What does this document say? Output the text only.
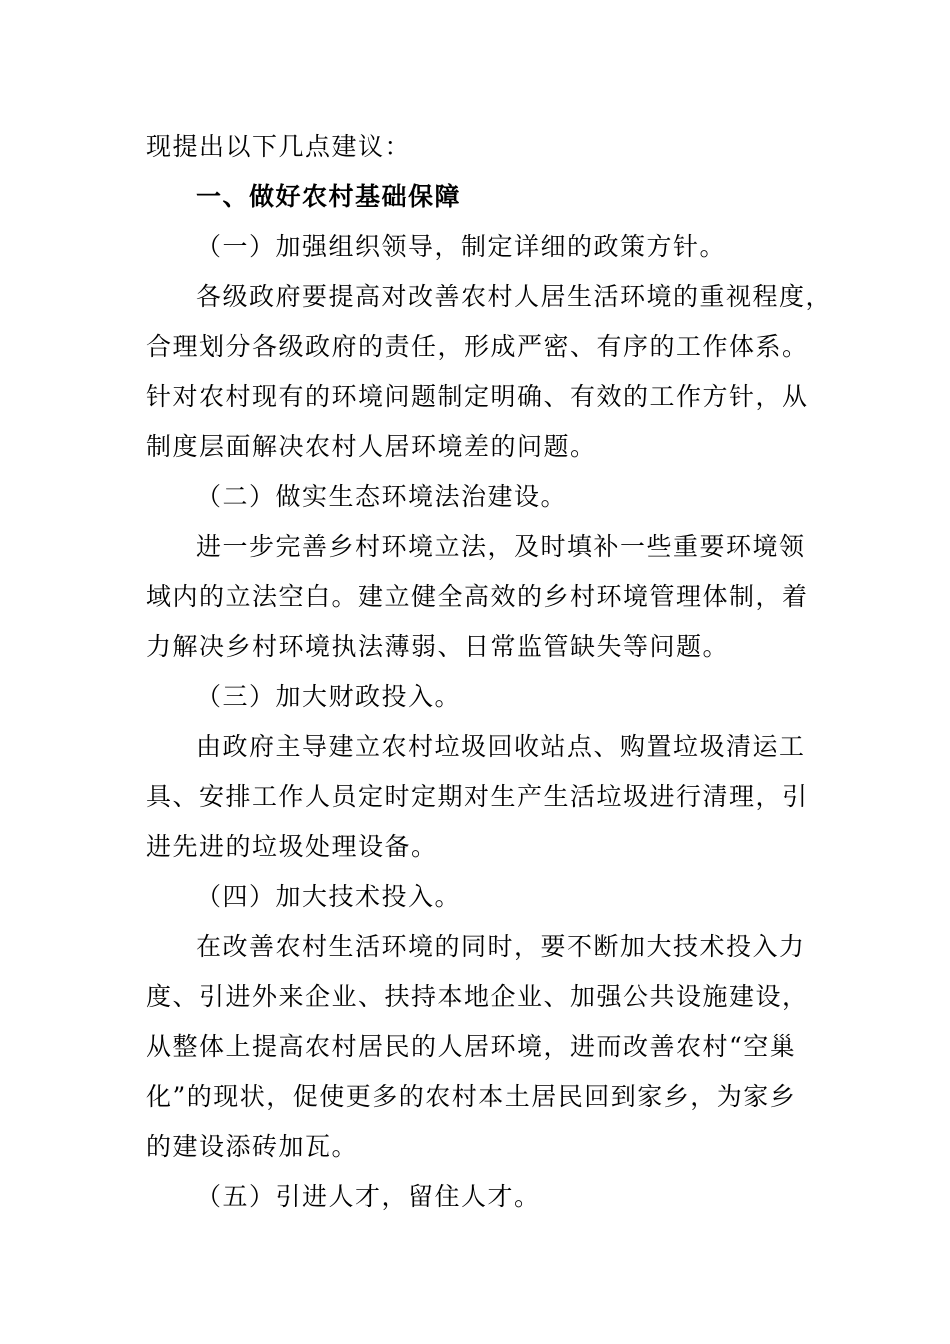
现提出以下几点建议：
一、做好农村基础保障
（一）加强组织领导，制定详细的政策方针。
各级政府要提高对改善农村人居生活环境的重视程度，
合理划分各级政府的责任，形成严密、有序的工作体系。
针对农村现有的环境问题制定明确、有效的工作方针，从
制度层面解决农村人居环境差的问题。
（二）做实生态环境法治建设。
进一步完善乡村环境立法，及时填补一些重要环境领
域内的立法空白。建立健全高效的乡村环境管理体制，着
力解决乡村环境执法薄弱、日常监管缺失等问题。
（三）加大财政投入。
由政府主导建立农村垃圾回收站点、购置垃圾清运工
具、安排工作人员定时定期对生产生活垃圾进行清理，引
进先进的垃圾处理设备。
（四）加大技术投入。
在改善农村生活环境的同时，要不断加大技术投入力
度、引进外来企业、扶持本地企业、加强公共设施建设，
从整体上提高农村居民的人居环境，进而改善农村“空巢
化”的现状，促使更多的农村本土居民回到家乡，为家乡
的建设添砖加瓦。
（五）引进人才，留住人才。
